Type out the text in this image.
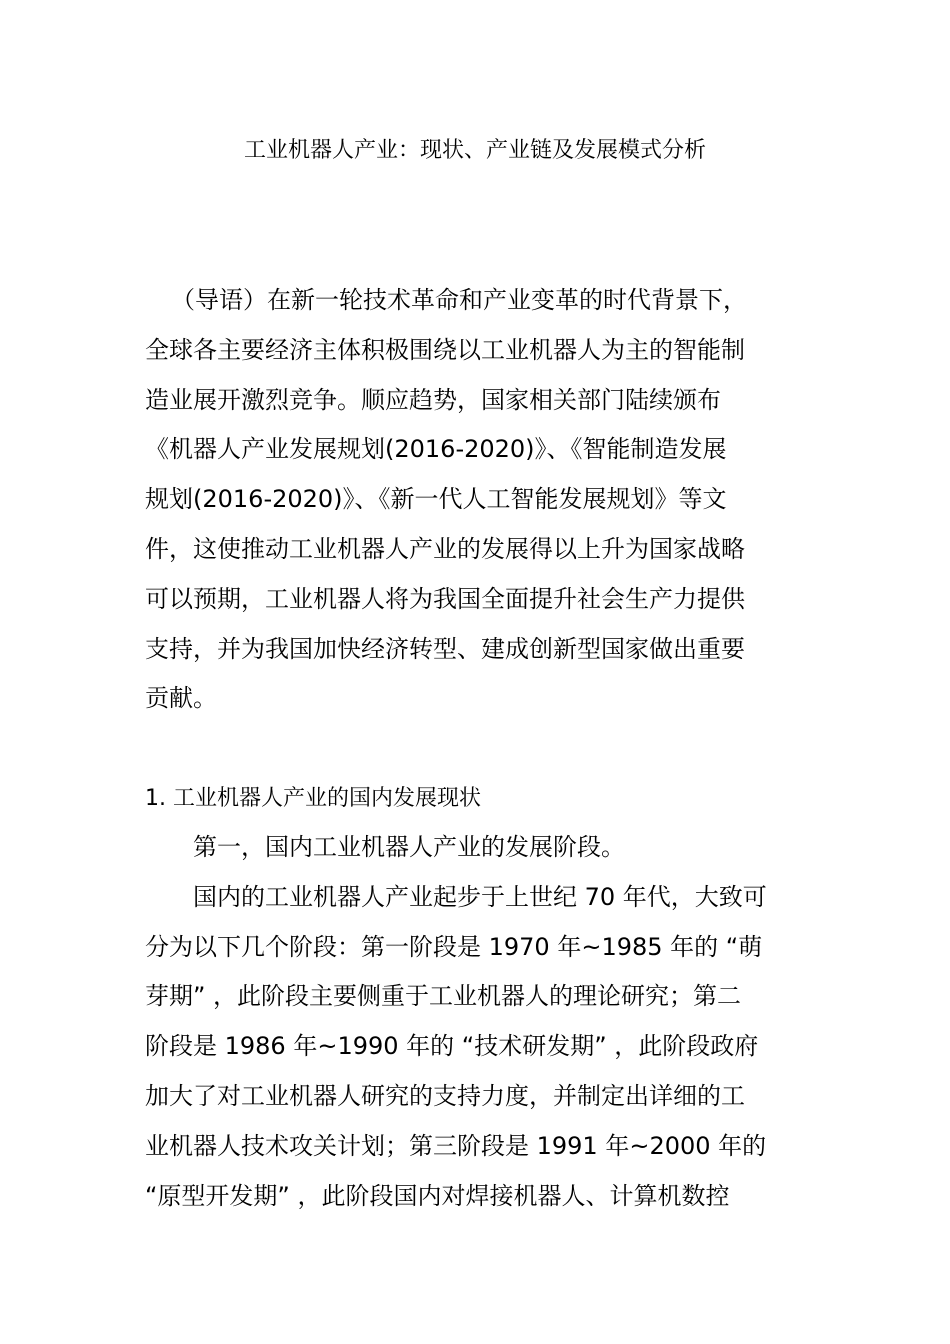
工业机器人产业：现状、产业链及发展模式分析
（导语）在新一轮技术革命和产业变革的时代背景下，
全球各主要经济主体积极围绕以工业机器人为主的智能制
造业展开激烈竞争。顺应趋势，国家相关部门陆续颁布
《机器人产业发展规划(2016-2020)》、《智能制造发展
规划(2016-2020)》、《新一代人工智能发展规划》等文
件，这使推动工业机器人产业的发展得以上升为国家战略
可以预期，工业机器人将为我国全面提升社会生产力提供
支持，并为我国加快经济转型、建成创新型国家做出重要
贡献。
1. 工业机器人产业的国内发展现状
第一，国内工业机器人产业的发展阶段。
国内的工业机器人产业起步于上世纪 70 年代，大致可
分为以下几个阶段：第一阶段是 1970 年~1985 年的 “萌
芽期” ，此阶段主要侧重于工业机器人的理论研究；第二
阶段是 1986 年~1990 年的 “技术研发期” ，此阶段政府
加大了对工业机器人研究的支持力度，并制定出详细的工
业机器人技术攻关计划；第三阶段是 1991 年~2000 年的
“原型开发期” ，此阶段国内对焊接机器人、计算机数控
